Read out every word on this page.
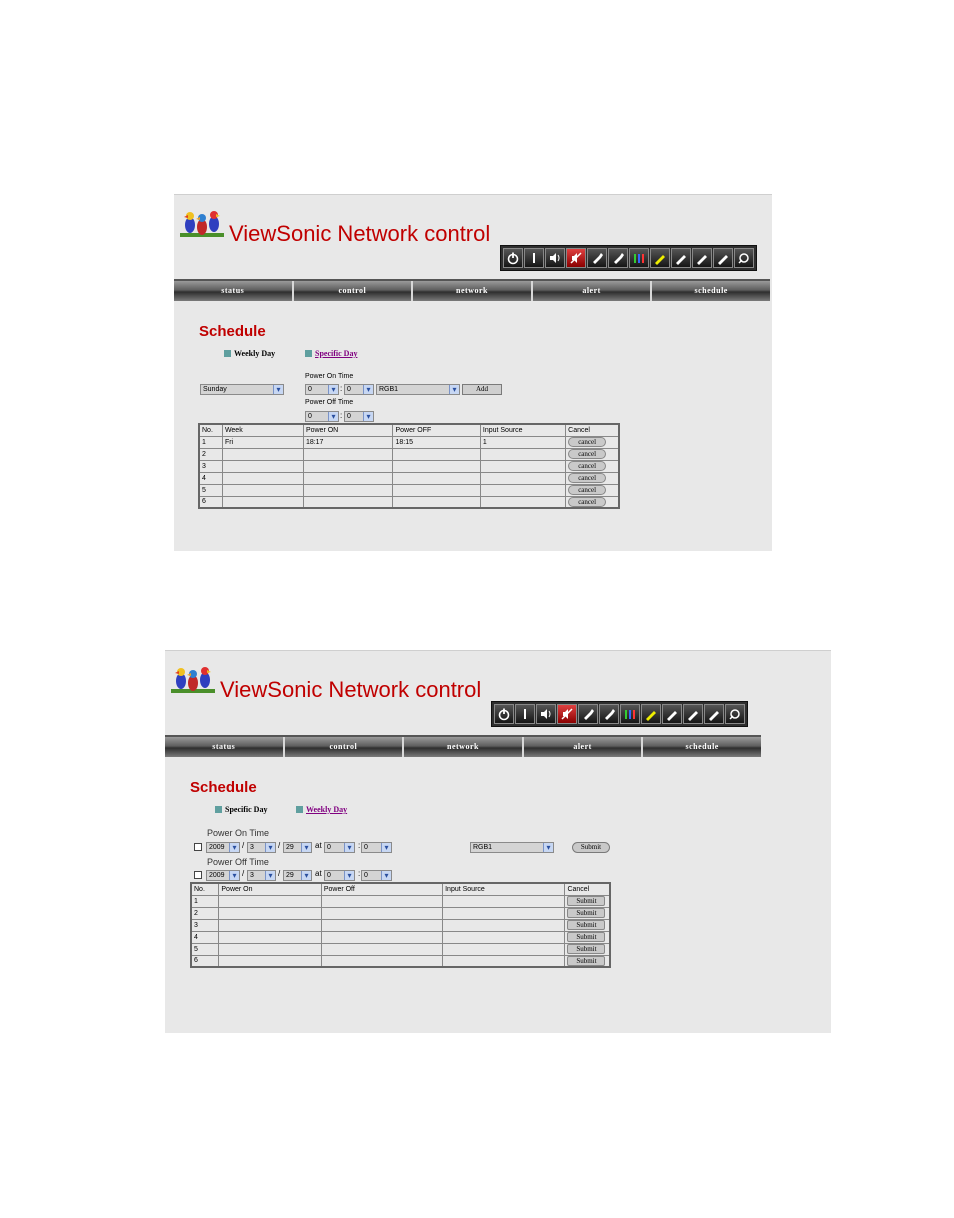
ViewSonic Network control
status	control	network	alert	schedule
Schedule
Weekly Day	Specific Day
Power On Time
Sunday ▾	0 ▾	: 0 ▾	RGB1 ▾	Add
Power Off Time
0 ▾	: 0 ▾
No.	Week	Power ON	Power OFF	Input Source	Cancel
1	Fri	18:17	18:15	1	cancel
2					cancel
3					cancel
4					cancel
5					cancel
6					cancel
ViewSonic Network control
status	control	network	alert	schedule
Schedule
Specific Day	Weekly Day
Power On Time
2009 ▾	/ 3 ▾	/ 29 ▾	at 0 ▾	: 0 ▾	RGB1 ▾	Submit
Power Off Time
2009 ▾	/ 3 ▾	/ 29 ▾	at 0 ▾	: 0 ▾
No.	Power On	Power Off	Input Source	Cancel
1				Submit
2				Submit
3				Submit
4				Submit
5				Submit
6				Submit
